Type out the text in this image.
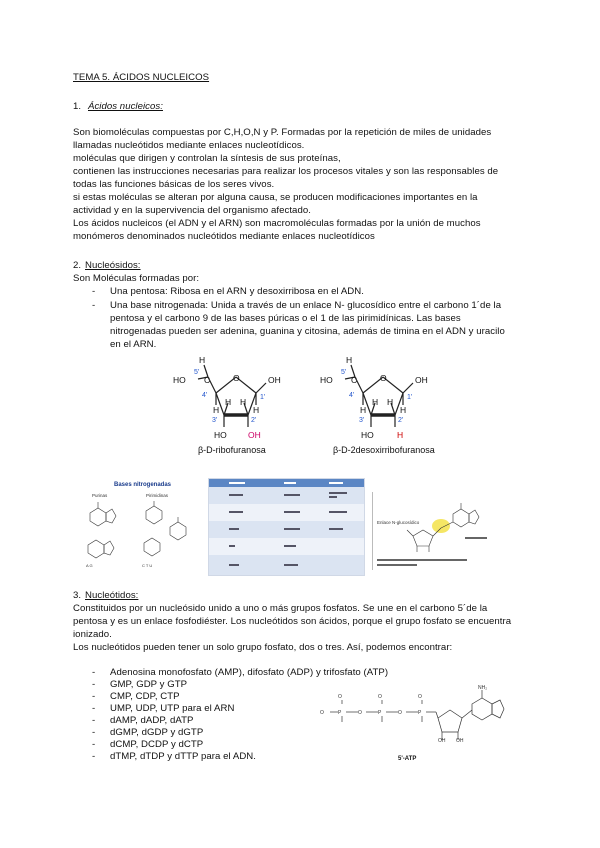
TEMA 5. ÁCIDOS NUCLEICOS
1. Ácidos nucleicos:
Son biomoléculas compuestas por C,H,O,N y P. Formadas por la repetición de miles de unidades
llamadas nucleótidos mediante enlaces nucleotídicos.
moléculas que dirigen y controlan la síntesis de sus proteínas,
contienen las instrucciones necesarias para realizar los procesos vitales y son las responsables de
todas las funciones básicas de los seres vivos.
si estas moléculas se alteran por alguna causa, se producen modificaciones importantes en la
actividad y en la supervivencia del organismo afectado.
Los ácidos nucleicos (el ADN y el ARN) son macromoléculas formadas por la unión de muchos
monómeros denominados nucleótidos mediante enlaces nucleotídicos
2. Nucleósidos:
Son Moléculas formadas por:
- Una pentosa: Ribosa en el ARN y desoxirribosa en el ADN.
- Una base nitrogenada: Unida a través de un enlace N- glucosídico entre el carbono 1´de la
pentosa y el carbono 9 de las bases púricas o el 1 de las pirimidínicas. Las bases
nitrogenadas pueden ser adenina, guanina y citosina, además de timina en el ADN y uracilo
en el ARN.
HO
H
C
5'
O	OH
4'	1'
H	H
H H
3'	2'
HO	OH
β-D-ribofuranosa
HO
H
C
5'
O	OH
4'	1'
H	H
H H
3'	2'
HO	H
β-D-2desoxirribofuranosa
Bases nitrogenadas
Purinas	Pirimidinas
A G	C T U
Enlace N-glucosídico
3. Nucleótidos:
Constituidos por un nucleósido unido a uno o más grupos fosfatos. Se une en el carbono 5´de la
pentosa y es un enlace fosfodiéster. Los nucleótidos son ácidos, porque el grupo fosfato se encuentra
ionizado.
Los nucleótidos pueden tener un solo grupo fosfato, dos o tres. Así, podemos encontrar:
- Adenosina monofosfato (AMP), difosfato (ADP) y trifosfato (ATP)
- GMP, GDP y GTP
- CMP, CDP, CTP
- UMP, UDP, UTP para el ARN
- dAMP, dADP, dATP
- dGMP, dGDP y dGTP
- dCMP, DCDP y dCTP
- dTMP, dTDP y dTTP para el ADN.
P	P	P
O	O	O
O	O	O
OH OH
NH₂
5'-ATP
